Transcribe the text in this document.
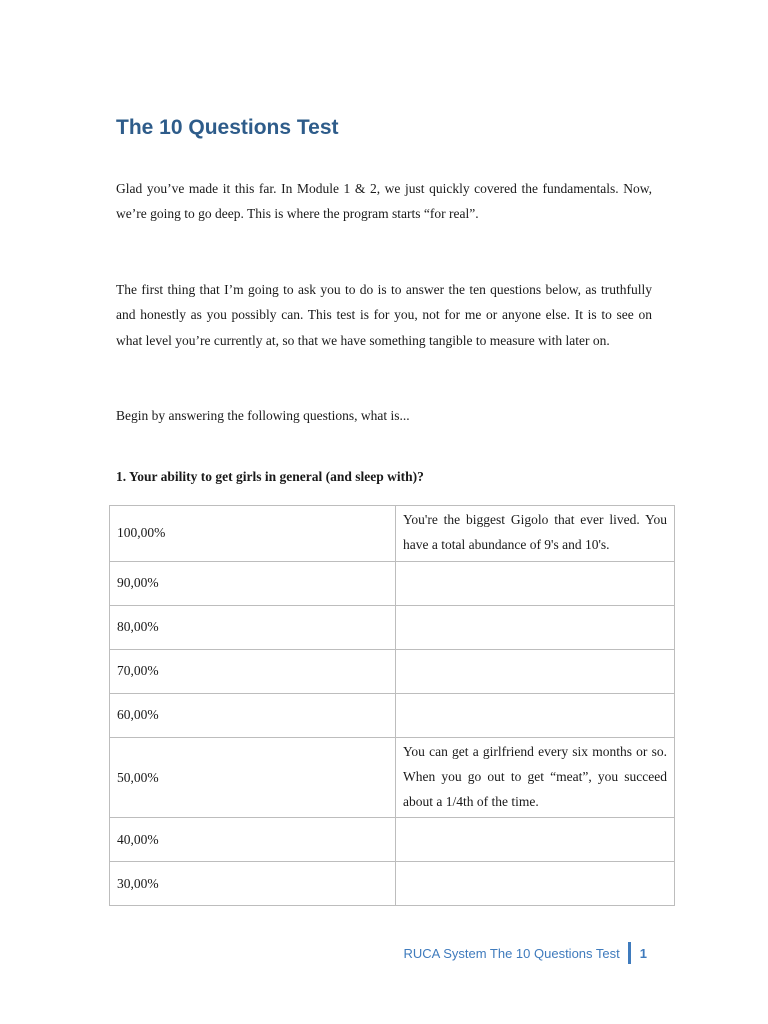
The 10 Questions Test

Glad you’ve made it this far. In Module 1 & 2, we just quickly covered the fundamentals. Now, we’re going to go deep. This is where the program starts “for real”.

The first thing that I’m going to ask you to do is to answer the ten questions below, as truthfully and honestly as you possibly can. This test is for you, not for me or anyone else. It is to see on what level you’re currently at, so that we have something tangible to measure with later on.

Begin by answering the following questions, what is...

1. Your ability to get girls in general (and sleep with)?

100,00%	You're the biggest Gigolo that ever lived. You have a total abundance of 9's and 10's.
90,00%	
80,00%	
70,00%	
60,00%	
50,00%	You can get a girlfriend every six months or so. When you go out to get “meat”, you succeed about a 1/4th of the time.
40,00%	
30,00%	
RUCA System The 10 Questions Test 1
